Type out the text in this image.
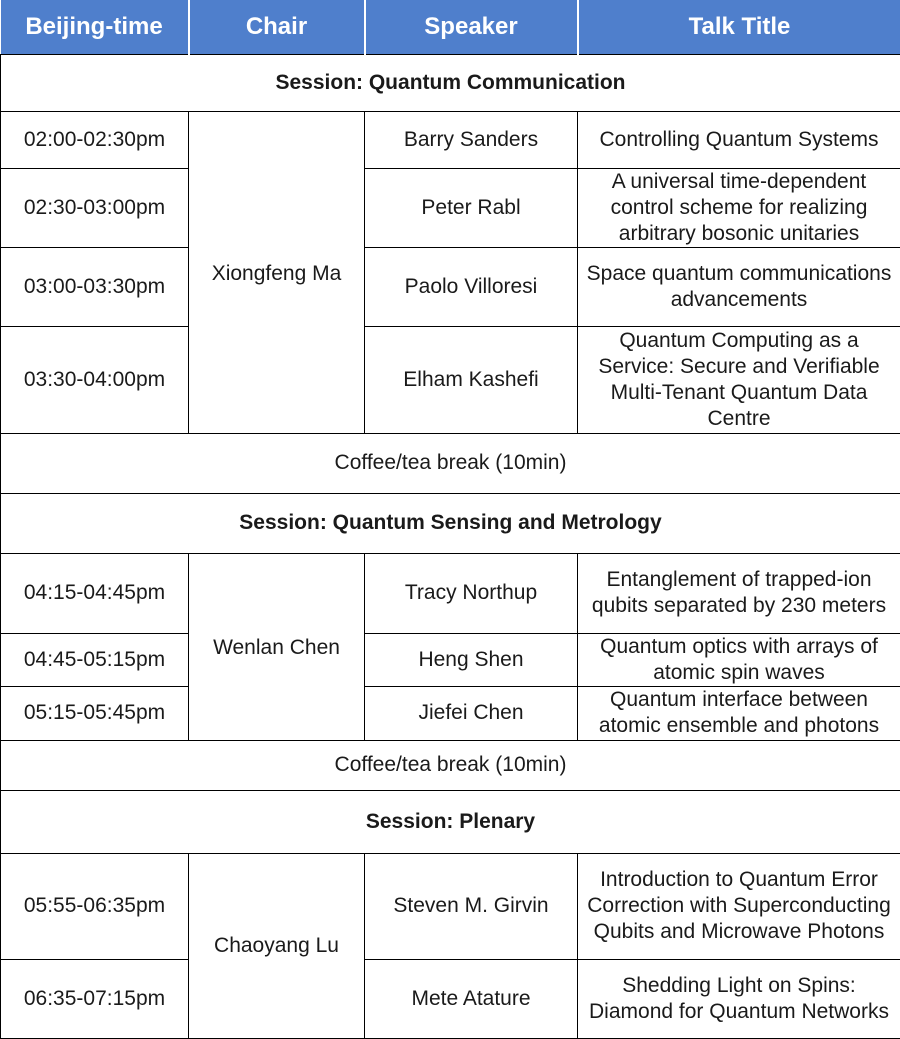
Beijing-time	Chair	Speaker	Talk Title
Session: Quantum Communication			
02:00-02:30pm	Xiongfeng Ma	Barry Sanders	Controlling Quantum Systems
02:30-03:00pm		Peter Rabl	A universal time-dependent control scheme for realizing arbitrary bosonic unitaries
03:00-03:30pm		Paolo Villoresi	Space quantum communications advancements
03:30-04:00pm		Elham Kashefi	Quantum Computing as a Service: Secure and Verifiable Multi-Tenant Quantum Data Centre
Coffee/tea break (10min)			
Session: Quantum Sensing and Metrology			
04:15-04:45pm	Wenlan Chen	Tracy Northup	Entanglement of trapped-ion qubits separated by 230 meters
04:45-05:15pm		Heng Shen	Quantum optics with arrays of atomic spin waves
05:15-05:45pm		Jiefei Chen	Quantum interface between atomic ensemble and photons
Coffee/tea break (10min)			
Session: Plenary			
05:55-06:35pm	Chaoyang Lu	Steven M. Girvin	Introduction to Quantum Error Correction with Superconducting Qubits and Microwave Photons
06:35-07:15pm		Mete Atature	Shedding Light on Spins: Diamond for Quantum Networks
